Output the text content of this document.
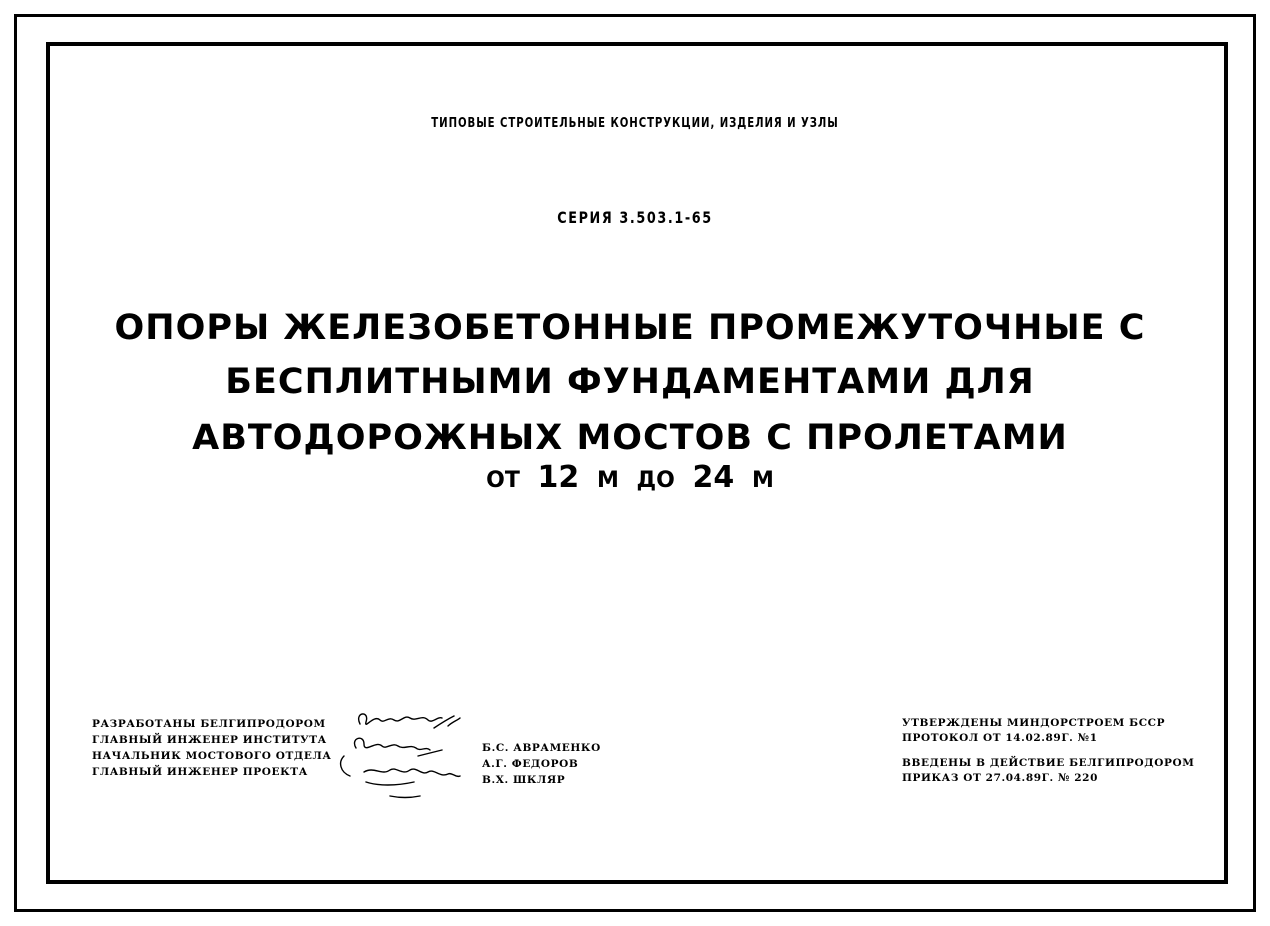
ТИПОВЫЕ СТРОИТЕЛЬНЫЕ КОНСТРУКЦИИ, ИЗДЕЛИЯ И УЗЛЫ
СЕРИЯ 3.503.1-65
ОПОРЫ ЖЕЛЕЗОБЕТОННЫЕ ПРОМЕЖУТОЧНЫЕ С
БЕСПЛИТНЫМИ ФУНДАМЕНТАМИ ДЛЯ
АВТОДОРОЖНЫХ МОСТОВ С ПРОЛЕТАМИ
ОТ 12 М ДО 24 М
РАЗРАБОТАНЫ БЕЛГИПРОДОРОМ
ГЛАВНЫЙ ИНЖЕНЕР ИНСТИТУТА
НАЧАЛЬНИК МОСТОВОГО ОТДЕЛА
ГЛАВНЫЙ ИНЖЕНЕР ПРОЕКТА
Б.С. АВРАМЕНКО
А.Г. ФЕДОРОВ
В.Х. ШКЛЯР
УТВЕРЖДЕНЫ МИНДОРСТРОЕМ БССР
ПРОТОКОЛ ОТ 14.02.89Г. №1
ВВЕДЕНЫ В ДЕЙСТВИЕ БЕЛГИПРОДОРОМ
ПРИКАЗ ОТ 27.04.89Г. № 220
